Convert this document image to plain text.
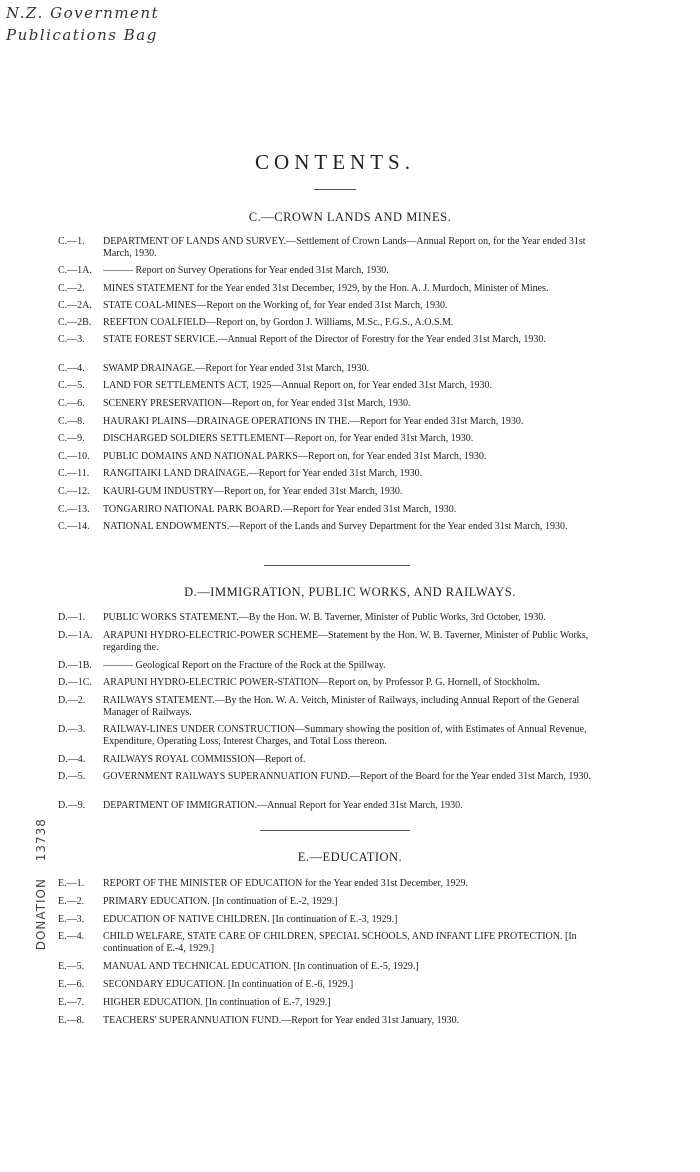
N.Z. Government
Publications Bag
CONTENTS.
C.—CROWN LANDS AND MINES.
C.—1. DEPARTMENT OF LANDS AND SURVEY.—Settlement of Crown Lands—Annual Report on, for the Year ended 31st March, 1930.
C.—1A. ——— Report on Survey Operations for Year ended 31st March, 1930.
C.—2. MINES STATEMENT for the Year ended 31st December, 1929, by the Hon. A. J. Murdoch, Minister of Mines.
C.—2A. STATE COAL-MINES—Report on the Working of, for Year ended 31st March, 1930.
C.—2B. REEFTON COALFIELD—Report on, by Gordon J. Williams, M.Sc., F.G.S., A.O.S.M.
C.—3. STATE FOREST SERVICE.—Annual Report of the Director of Forestry for the Year ended 31st March, 1930.
C.—4. SWAMP DRAINAGE.—Report for Year ended 31st March, 1930.
C.—5. LAND FOR SETTLEMENTS ACT, 1925—Annual Report on, for Year ended 31st March, 1930.
C.—6. SCENERY PRESERVATION—Report on, for Year ended 31st March, 1930.
C.—8. HAURAKI PLAINS—DRAINAGE OPERATIONS IN THE.—Report for Year ended 31st March, 1930.
C.—9. DISCHARGED SOLDIERS SETTLEMENT—Report on, for Year ended 31st March, 1930.
C.—10. PUBLIC DOMAINS AND NATIONAL PARKS—Report on, for Year ended 31st March, 1930.
C.—11. RANGITAIKI LAND DRAINAGE.—Report for Year ended 31st March, 1930.
C.—12. KAURI-GUM INDUSTRY—Report on, for Year ended 31st March, 1930.
C.—13. TONGARIRO NATIONAL PARK BOARD.—Report for Year ended 31st March, 1930.
C.—14. NATIONAL ENDOWMENTS.—Report of the Lands and Survey Department for the Year ended 31st March, 1930.
D.—IMMIGRATION, PUBLIC WORKS, AND RAILWAYS.
D.—1. PUBLIC WORKS STATEMENT.—By the Hon. W. B. Taverner, Minister of Public Works, 3rd October, 1930.
D.—1A. ARAPUNI HYDRO-ELECTRIC-POWER SCHEME—Statement by the Hon. W. B. Taverner, Minister of Public Works, regarding the.
D.—1B. ——— Geological Report on the Fracture of the Rock at the Spillway.
D.—1C. ARAPUNI HYDRO-ELECTRIC POWER-STATION—Report on, by Professor P. G. Hornell, of Stockholm.
D.—2. RAILWAYS STATEMENT.—By the Hon. W. A. Veitch, Minister of Railways, including Annual Report of the General Manager of Railways.
D.—3. RAILWAY-LINES UNDER CONSTRUCTION—Summary showing the position of, with Estimates of Annual Revenue, Expenditure, Operating Loss, Interest Charges, and Total Loss thereon.
D.—4. RAILWAYS ROYAL COMMISSION—Report of.
D.—5. GOVERNMENT RAILWAYS SUPERANNUATION FUND.—Report of the Board for the Year ended 31st March, 1930.
D.—9. DEPARTMENT OF IMMIGRATION.—Annual Report for Year ended 31st March, 1930.
E.—EDUCATION.
E.—1. REPORT OF THE MINISTER OF EDUCATION for the Year ended 31st December, 1929.
E.—2. PRIMARY EDUCATION. [In continuation of E.-2, 1929.]
E.—3. EDUCATION OF NATIVE CHILDREN. [In continuation of E.-3, 1929.]
E.—4. CHILD WELFARE, STATE CARE OF CHILDREN, SPECIAL SCHOOLS, AND INFANT LIFE PROTECTION. [In continuation of E.-4, 1929.]
E.—5. MANUAL AND TECHNICAL EDUCATION. [In continuation of E.-5, 1929.]
E.—6. SECONDARY EDUCATION. [In continuation of E.-6, 1929.]
E.—7. HIGHER EDUCATION. [In continuation of E.-7, 1929.]
E.—8. TEACHERS' SUPERANNUATION FUND.—Report for Year ended 31st January, 1930.
DONATION 13738
